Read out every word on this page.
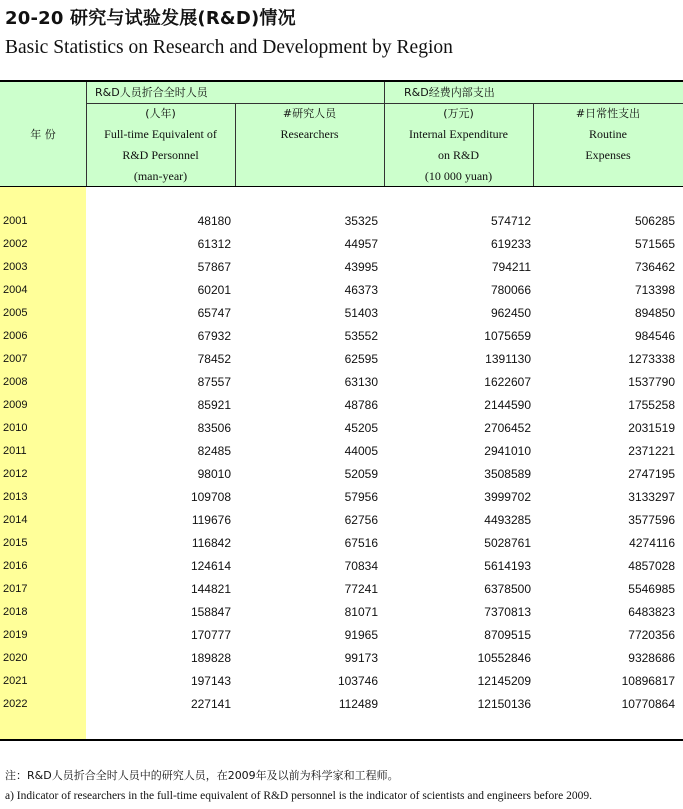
20-20 研究与试验发展(R&D)情况
Basic Statistics on Research and Development by Region
年 份
R&D人员折合全时人员
(人年)
Full-time Equivalent of
R&D Personnel
(man-year)
#研究人员
Researchers
R&D经费内部支出
(万元)
Internal Expenditure
on R&D
(10 000 yuan)
#日常性支出
Routine
Expenses
2001	48180	35325	574712	506285
2002	61312	44957	619233	571565
2003	57867	43995	794211	736462
2004	60201	46373	780066	713398
2005	65747	51403	962450	894850
2006	67932	53552	1075659	984546
2007	78452	62595	1391130	1273338
2008	87557	63130	1622607	1537790
2009	85921	48786	2144590	1755258
2010	83506	45205	2706452	2031519
2011	82485	44005	2941010	2371221
2012	98010	52059	3508589	2747195
2013	109708	57956	3999702	3133297
2014	119676	62756	4493285	3577596
2015	116842	67516	5028761	4274116
2016	124614	70834	5614193	4857028
2017	144821	77241	6378500	5546985
2018	158847	81071	7370813	6483823
2019	170777	91965	8709515	7720356
2020	189828	99173	10552846	9328686
2021	197143	103746	12145209	10896817
2022	227141	112489	12150136	10770864
注：R&D人员折合全时人员中的研究人员，在2009年及以前为科学家和工程师。
a) Indicator of researchers in the full-time equivalent of R&D personnel is the indicator of scientists and engineers before 2009.
